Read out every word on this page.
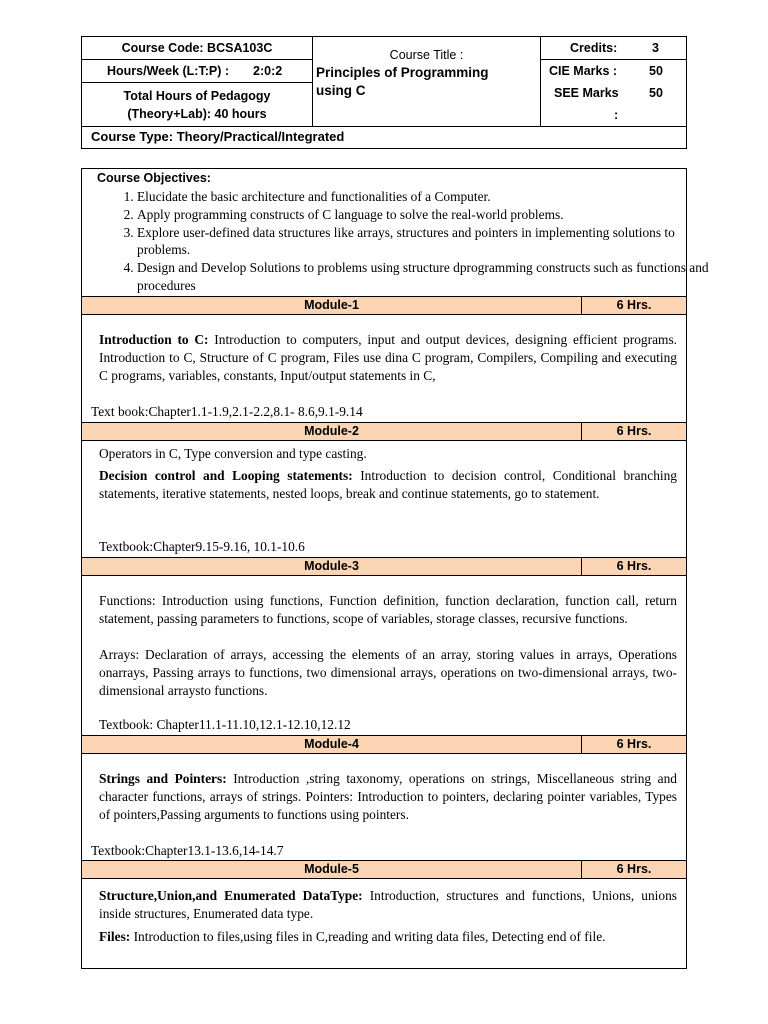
Course Code: BCSA103C
Hours/Week (L:T:P) : 2:0:2
Total Hours of Pedagogy
(Theory+Lab): 40 hours
Course Title :
Principles of Programming
using C
Credits:	3
CIE Marks :	50
SEE Marks 50
:
Course Type: Theory/Practical/Integrated
Course Objectives:
1. Elucidate the basic architecture and functionalities of a Computer.
2. Apply programming constructs of C language to solve the real-world problems.
3. Explore user-defined data structures like arrays, structures and pointers in implementing solutions to problems.
4. Design and Develop Solutions to problems using structure dprogramming constructs such as functions and procedures
Module-1	6 Hrs.

Introduction to C: Introduction to computers, input and output devices, designing efficient programs. Introduction to C, Structure of C program, Files use dina C program, Compilers, Compiling and executing C programs, variables, constants, Input/output statements in C,

Text book:Chapter1.1-1.9,2.1-2.2,8.1- 8.6,9.1-9.14

Module-2	6 Hrs.

Operators in C, Type conversion and type casting.

Decision control and Looping statements: Introduction to decision control, Conditional branching statements, iterative statements, nested loops, break and continue statements, go to statement.

Textbook:Chapter9.15-9.16, 10.1-10.6

Module-3	6 Hrs.

Functions: Introduction using functions, Function definition, function declaration, function call, return statement, passing parameters to functions, scope of variables, storage classes, recursive functions.

Arrays: Declaration of arrays, accessing the elements of an array, storing values in arrays, Operations onarrays, Passing arrays to functions, two dimensional arrays, operations on two-dimensional arrays, two-dimensional arraysto functions.

Textbook: Chapter11.1-11.10,12.1-12.10,12.12

Module-4	6 Hrs.

Strings and Pointers: Introduction ,string taxonomy, operations on strings, Miscellaneous string and character functions, arrays of strings. Pointers: Introduction to pointers, declaring pointer variables, Types of pointers,Passing arguments to functions using pointers.

Textbook:Chapter13.1-13.6,14-14.7

Module-5	6 Hrs.

Structure,Union,and Enumerated DataType: Introduction, structures and functions, Unions, unions inside structures, Enumerated data type.

Files: Introduction to files,using files in C,reading and writing data files, Detecting end of file.
